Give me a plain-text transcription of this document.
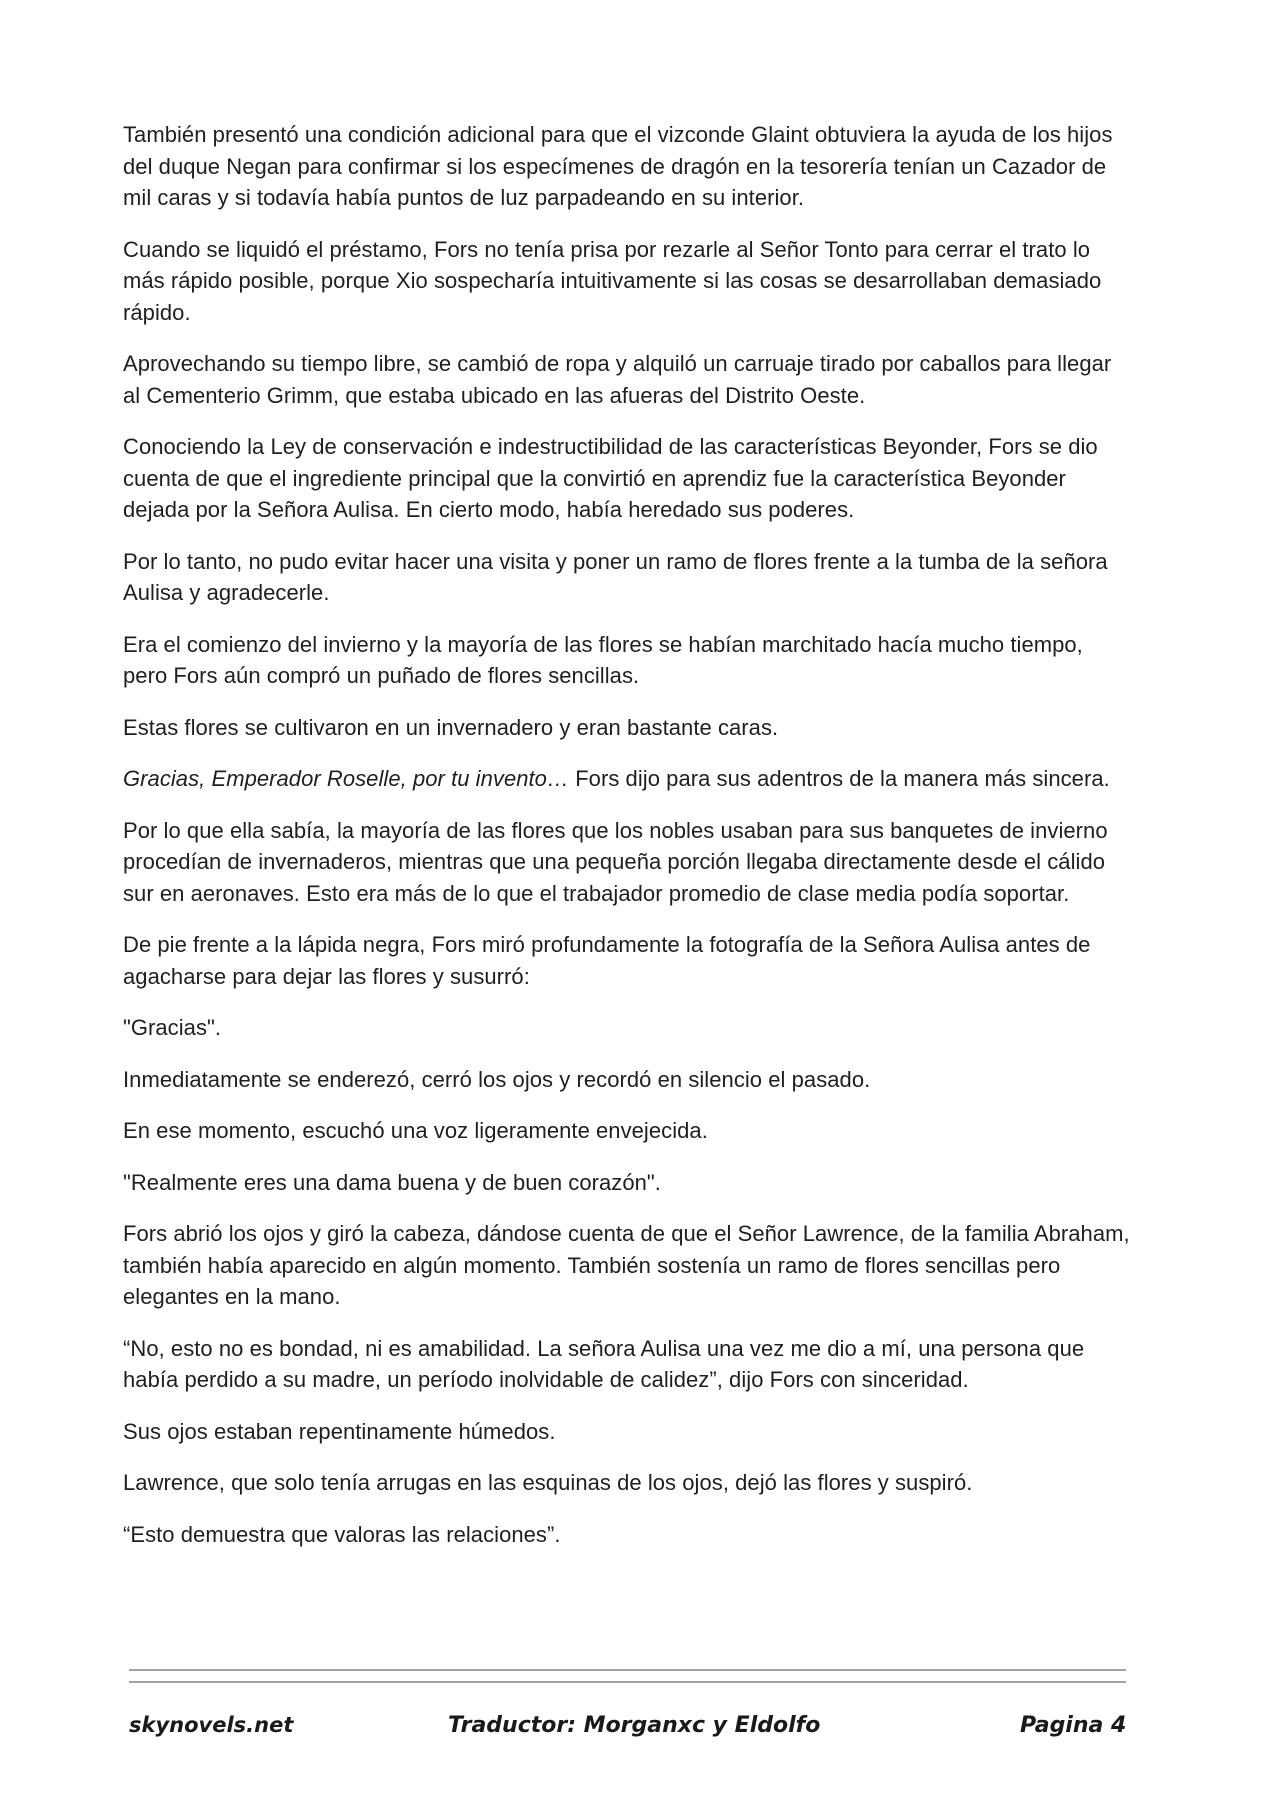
También presentó una condición adicional para que el vizconde Glaint obtuviera la ayuda de los hijos del duque Negan para confirmar si los especímenes de dragón en la tesorería tenían un Cazador de mil caras y si todavía había puntos de luz parpadeando en su interior.

Cuando se liquidó el préstamo, Fors no tenía prisa por rezarle al Señor Tonto para cerrar el trato lo más rápido posible, porque Xio sospecharía intuitivamente si las cosas se desarrollaban demasiado rápido.

Aprovechando su tiempo libre, se cambió de ropa y alquiló un carruaje tirado por caballos para llegar al Cementerio Grimm, que estaba ubicado en las afueras del Distrito Oeste.

Conociendo la Ley de conservación e indestructibilidad de las características Beyonder, Fors se dio cuenta de que el ingrediente principal que la convirtió en aprendiz fue la característica Beyonder dejada por la Señora Aulisa. En cierto modo, había heredado sus poderes.

Por lo tanto, no pudo evitar hacer una visita y poner un ramo de flores frente a la tumba de la señora Aulisa y agradecerle.

Era el comienzo del invierno y la mayoría de las flores se habían marchitado hacía mucho tiempo, pero Fors aún compró un puñado de flores sencillas.

Estas flores se cultivaron en un invernadero y eran bastante caras.

Gracias, Emperador Roselle, por tu invento… Fors dijo para sus adentros de la manera más sincera.

Por lo que ella sabía, la mayoría de las flores que los nobles usaban para sus banquetes de invierno procedían de invernaderos, mientras que una pequeña porción llegaba directamente desde el cálido sur en aeronaves. Esto era más de lo que el trabajador promedio de clase media podía soportar.

De pie frente a la lápida negra, Fors miró profundamente la fotografía de la Señora Aulisa antes de agacharse para dejar las flores y susurró:

"Gracias".

Inmediatamente se enderezó, cerró los ojos y recordó en silencio el pasado.

En ese momento, escuchó una voz ligeramente envejecida.

"Realmente eres una dama buena y de buen corazón".

Fors abrió los ojos y giró la cabeza, dándose cuenta de que el Señor Lawrence, de la familia Abraham, también había aparecido en algún momento. También sostenía un ramo de flores sencillas pero elegantes en la mano.

“No, esto no es bondad, ni es amabilidad. La señora Aulisa una vez me dio a mí, una persona que había perdido a su madre, un período inolvidable de calidez”, dijo Fors con sinceridad.

Sus ojos estaban repentinamente húmedos.

Lawrence, que solo tenía arrugas en las esquinas de los ojos, dejó las flores y suspiró.

“Esto demuestra que valoras las relaciones”.

skynovels.net	Traductor: Morganxc y Eldolfo	Pagina 4
